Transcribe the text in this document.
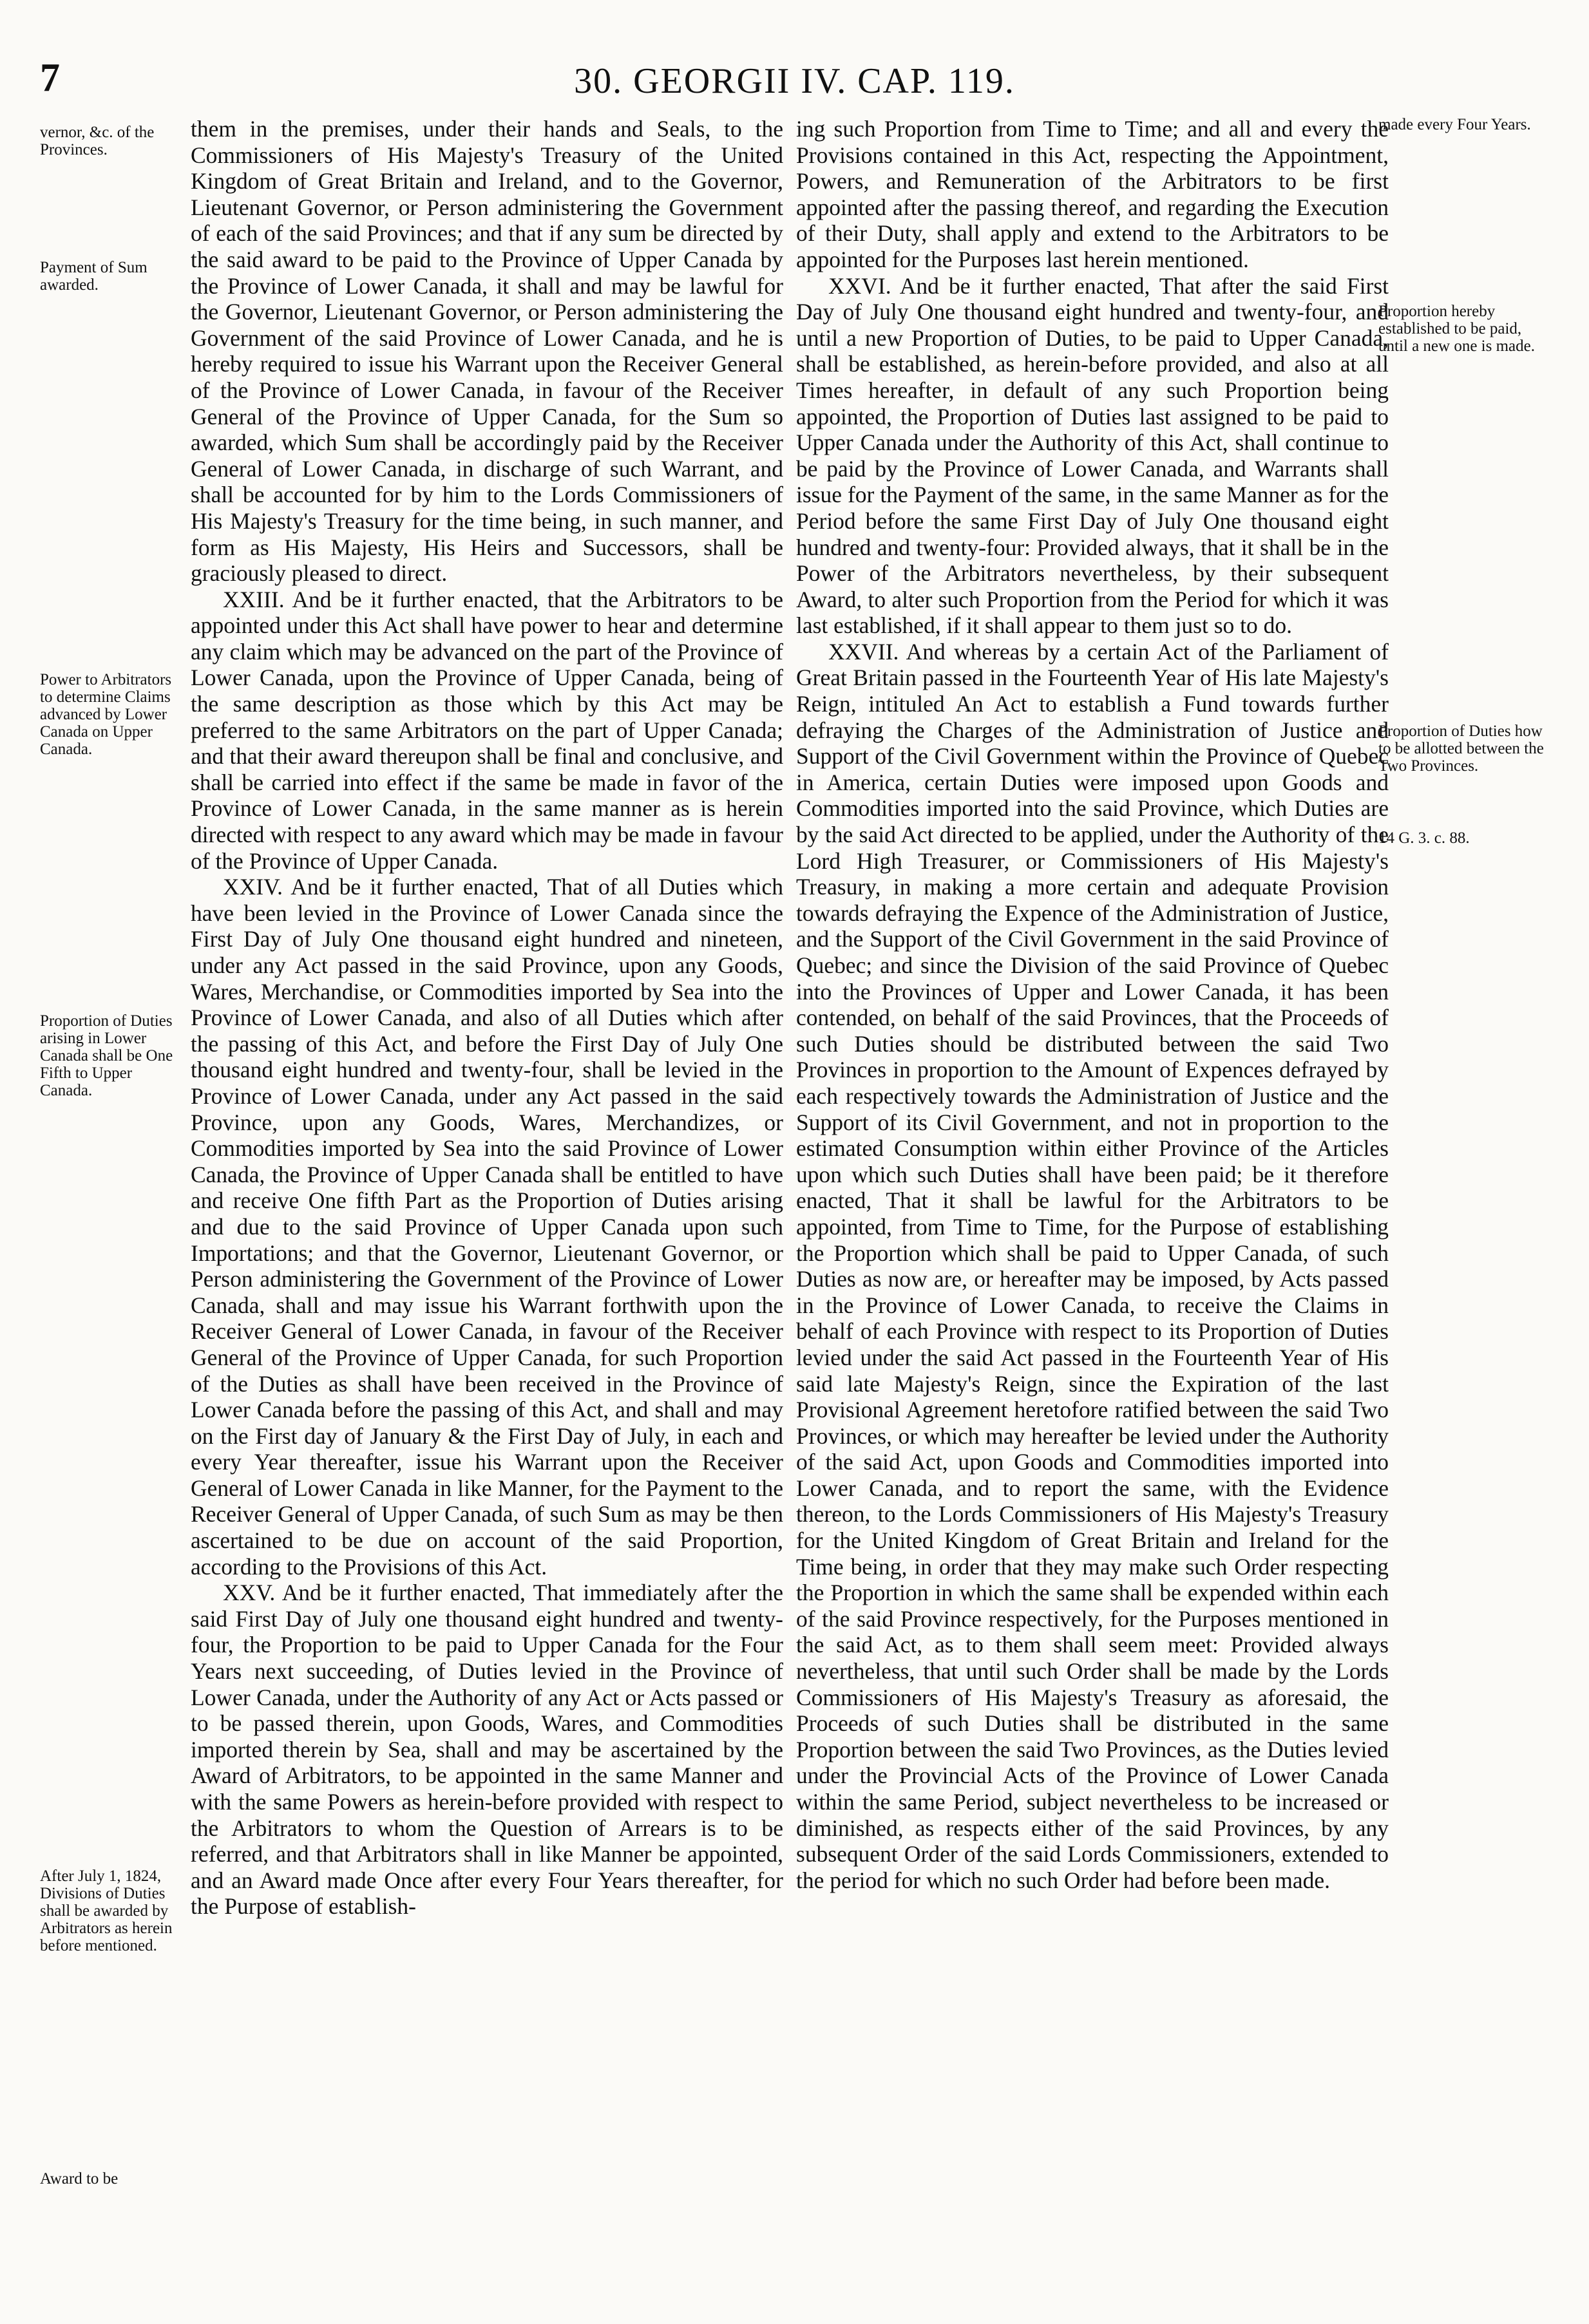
7	30. GEORGII IV. CAP. 119.
vernor, &c. of the Provinces.
Payment of Sum awarded.
Power to Arbitrators to determine Claims advanced by Lower Canada on Upper Canada.
Proportion of Duties arising in Lower Canada shall be One Fifth to Upper Canada.
After July 1, 1824, Divisions of Duties shall be awarded by Arbitrators as herein before mentioned.
Award to be

them in the premises, under their hands and Seals, to the Commissioners of His Majesty's Treasury of the United Kingdom of Great Britain and Ireland, and to the Governor, Lieutenant Governor, or Person administering the Government of each of the said Provinces; and that if any sum be directed by the said award to be paid to the Province of Upper Canada by the Province of Lower Canada, it shall and may be lawful for the Governor, Lieutenant Governor, or Person administering the Government of the said Province of Lower Canada, and he is hereby required to issue his Warrant upon the Receiver General of the Province of Lower Canada, in favour of the Receiver General of the Province of Upper Canada, for the Sum so awarded, which Sum shall be accordingly paid by the Receiver General of Lower Canada, in discharge of such Warrant, and shall be accounted for by him to the Lords Commissioners of His Majesty's Treasury for the time being, in such manner, and form as His Majesty, His Heirs and Successors, shall be graciously pleased to direct.

XXIII. And be it further enacted, that the Arbitrators to be appointed under this Act shall have power to hear and determine any claim which may be advanced on the part of the Province of Lower Canada, upon the Province of Upper Canada, being of the same description as those which by this Act may be preferred to the same Arbitrators on the part of Upper Canada; and that their award thereupon shall be final and conclusive, and shall be carried into effect if the same be made in favor of the Province of Lower Canada, in the same manner as is herein directed with respect to any award which may be made in favour of the Province of Upper Canada.

XXIV. And be it further enacted, That of all Duties which have been levied in the Province of Lower Canada since the First Day of July One thousand eight hundred and nineteen, under any Act passed in the said Province, upon any Goods, Wares, Merchandise, or Commodities imported by Sea into the Province of Lower Canada, and also of all Duties which after the passing of this Act, and before the First Day of July One thousand eight hundred and twenty-four, shall be levied in the Province of Lower Canada, under any Act passed in the said Province, upon any Goods, Wares, Merchandizes, or Commodities imported by Sea into the said Province of Lower Canada, the Province of Upper Canada shall be entitled to have and receive One fifth Part as the Proportion of Duties arising and due to the said Province of Upper Canada upon such Importations; and that the Governor, Lieutenant Governor, or Person administering the Government of the Province of Lower Canada, shall and may issue his Warrant forthwith upon the Receiver General of Lower Canada, in favour of the Receiver General of the Province of Upper Canada, for such Proportion of the Duties as shall have been received in the Province of Lower Canada before the passing of this Act, and shall and may on the First day of January & the First Day of July, in each and every Year thereafter, issue his Warrant upon the Receiver General of Lower Canada in like Manner, for the Payment to the Receiver General of Upper Canada, of such Sum as may be then ascertained to be due on account of the said Proportion, according to the Provisions of this Act.

XXV. And be it further enacted, That immediately after the said First Day of July one thousand eight hundred and twenty-four, the Proportion to be paid to Upper Canada for the Four Years next succeeding, of Duties levied in the Province of Lower Canada, under the Authority of any Act or Acts passed or to be passed therein, upon Goods, Wares, and Commodities imported therein by Sea, shall and may be ascertained by the Award of Arbitrators, to be appointed in the same Manner and with the same Powers as herein-before provided with respect to the Arbitrators to whom the Question of Arrears is to be referred, and that Arbitrators shall in like Manner be appointed, and an Award made Once after every Four Years thereafter, for the Purpose of establish-

ing such Proportion from Time to Time; and all and every the Provisions contained in this Act, respecting the Appointment, Powers, and Remuneration of the Arbitrators to be first appointed after the passing thereof, and regarding the Execution of their Duty, shall apply and extend to the Arbitrators to be appointed for the Purposes last herein mentioned.

XXVI. And be it further enacted, That after the said First Day of July One thousand eight hundred and twenty-four, and until a new Proportion of Duties, to be paid to Upper Canada, shall be established, as herein-before provided, and also at all Times hereafter, in default of any such Proportion being appointed, the Proportion of Duties last assigned to be paid to Upper Canada under the Authority of this Act, shall continue to be paid by the Province of Lower Canada, and Warrants shall issue for the Payment of the same, in the same Manner as for the Period before the same First Day of July One thousand eight hundred and twenty-four: Provided always, that it shall be in the Power of the Arbitrators nevertheless, by their subsequent Award, to alter such Proportion from the Period for which it was last established, if it shall appear to them just so to do.

XXVII. And whereas by a certain Act of the Parliament of Great Britain passed in the Fourteenth Year of His late Majesty's Reign, intituled An Act to establish a Fund towards further defraying the Charges of the Administration of Justice and Support of the Civil Government within the Province of Quebec in America, certain Duties were imposed upon Goods and Commodities imported into the said Province, which Duties are by the said Act directed to be applied, under the Authority of the Lord High Treasurer, or Commissioners of His Majesty's Treasury, in making a more certain and adequate Provision towards defraying the Expence of the Administration of Justice, and the Support of the Civil Government in the said Province of Quebec; and since the Division of the said Province of Quebec into the Provinces of Upper and Lower Canada, it has been contended, on behalf of the said Provinces, that the Proceeds of such Duties should be distributed between the said Two Provinces in proportion to the Amount of Expences defrayed by each respectively towards the Administration of Justice and the Support of its Civil Government, and not in proportion to the estimated Consumption within either Province of the Articles upon which such Duties shall have been paid; be it therefore enacted, That it shall be lawful for the Arbitrators to be appointed, from Time to Time, for the Purpose of establishing the Proportion which shall be paid to Upper Canada, of such Duties as now are, or hereafter may be imposed, by Acts passed in the Province of Lower Canada, to receive the Claims in behalf of each Province with respect to its Proportion of Duties levied under the said Act passed in the Fourteenth Year of His said late Majesty's Reign, since the Expiration of the last Provisional Agreement heretofore ratified between the said Two Provinces, or which may hereafter be levied under the Authority of the said Act, upon Goods and Commodities imported into Lower Canada, and to report the same, with the Evidence thereon, to the Lords Commissioners of His Majesty's Treasury for the United Kingdom of Great Britain and Ireland for the Time being, in order that they may make such Order respecting the Proportion in which the same shall be expended within each of the said Province respectively, for the Purposes mentioned in the said Act, as to them shall seem meet: Provided always nevertheless, that until such Order shall be made by the Lords Commissioners of His Majesty's Treasury as aforesaid, the Proceeds of such Duties shall be distributed in the same Proportion between the said Two Provinces, as the Duties levied under the Provincial Acts of the Province of Lower Canada within the same Period, subject nevertheless to be increased or diminished, as respects either of the said Provinces, by any subsequent Order of the said Lords Commissioners, extended to the period for which no such Order had before been made.

made every Four Years.
Proportion hereby established to be paid, until a new one is made.
Proportion of Duties how to be allotted between the Two Provinces.
14 G. 3. c. 88.
